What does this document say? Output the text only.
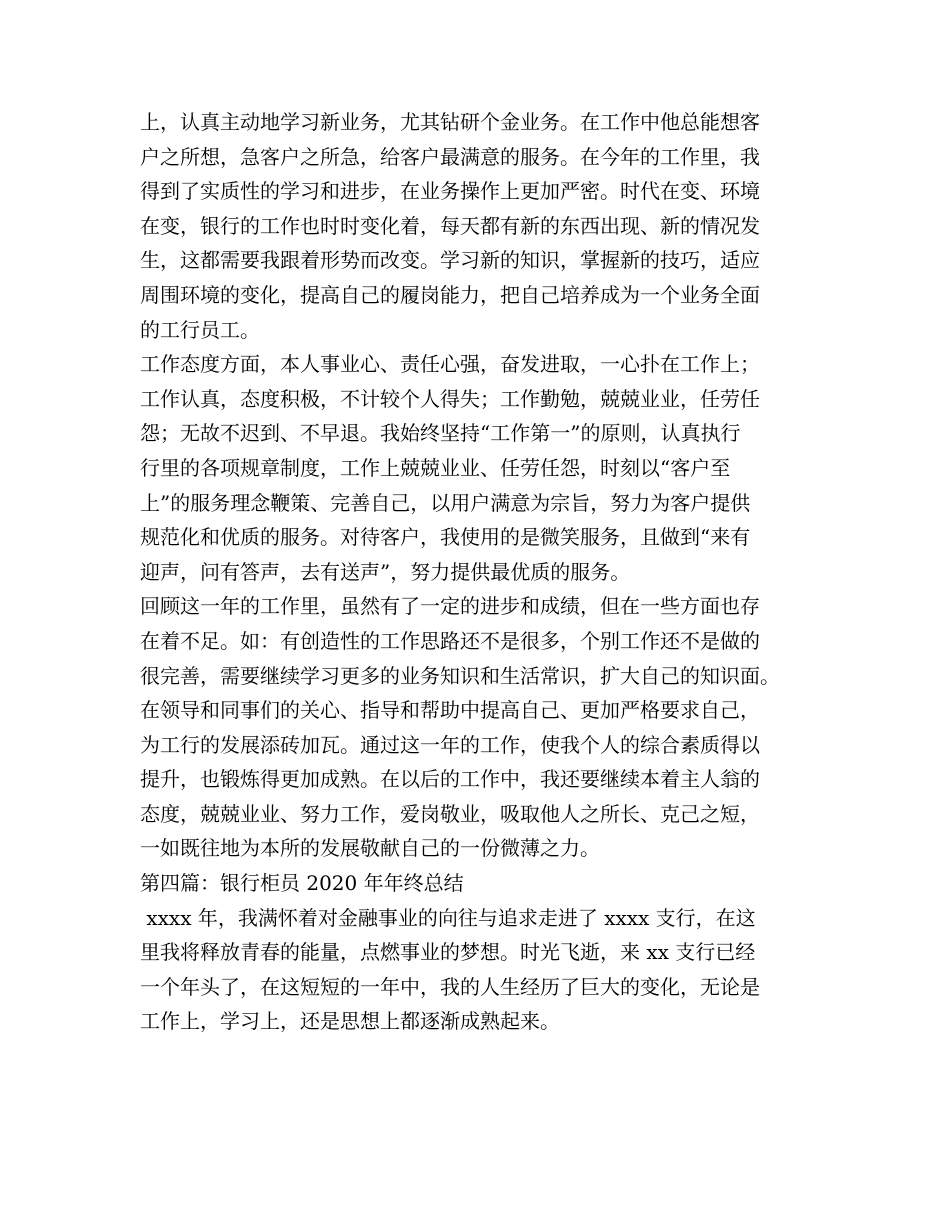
上，认真主动地学习新业务，尤其钻研个金业务。在工作中他总能想客
户之所想，急客户之所急，给客户最满意的服务。在今年的工作里，我
得到了实质性的学习和进步，在业务操作上更加严密。时代在变、环境
在变，银行的工作也时时变化着，每天都有新的东西出现、新的情况发
生，这都需要我跟着形势而改变。学习新的知识，掌握新的技巧，适应
周围环境的变化，提高自己的履岗能力，把自己培养成为一个业务全面
的工行员工。
工作态度方面，本人事业心、责任心强，奋发进取，一心扑在工作上；
工作认真，态度积极，不计较个人得失；工作勤勉，兢兢业业，任劳任
怨；无故不迟到、不早退。我始终坚持“工作第一”的原则，认真执行
行里的各项规章制度，工作上兢兢业业、任劳任怨，时刻以“客户至
上”的服务理念鞭策、完善自己，以用户满意为宗旨，努力为客户提供
规范化和优质的服务。对待客户，我使用的是微笑服务，且做到“来有
迎声，问有答声，去有送声”，努力提供最优质的服务。
回顾这一年的工作里，虽然有了一定的进步和成绩，但在一些方面也存
在着不足。如：有创造性的工作思路还不是很多，个别工作还不是做的
很完善，需要继续学习更多的业务知识和生活常识，扩大自己的知识面。
在领导和同事们的关心、指导和帮助中提高自己、更加严格要求自己，
为工行的发展添砖加瓦。通过这一年的工作，使我个人的综合素质得以
提升，也锻炼得更加成熟。在以后的工作中，我还要继续本着主人翁的
态度，兢兢业业、努力工作，爱岗敬业，吸取他人之所长、克己之短，
一如既往地为本所的发展敬献自己的一份微薄之力。
第四篇：银行柜员 2020 年年终总结
xxxx 年，我满怀着对金融事业的向往与追求走进了 xxxx 支行，在这
里我将释放青春的能量，点燃事业的梦想。时光飞逝，来 xx 支行已经
一个年头了，在这短短的一年中，我的人生经历了巨大的变化，无论是
工作上，学习上，还是思想上都逐渐成熟起来。
